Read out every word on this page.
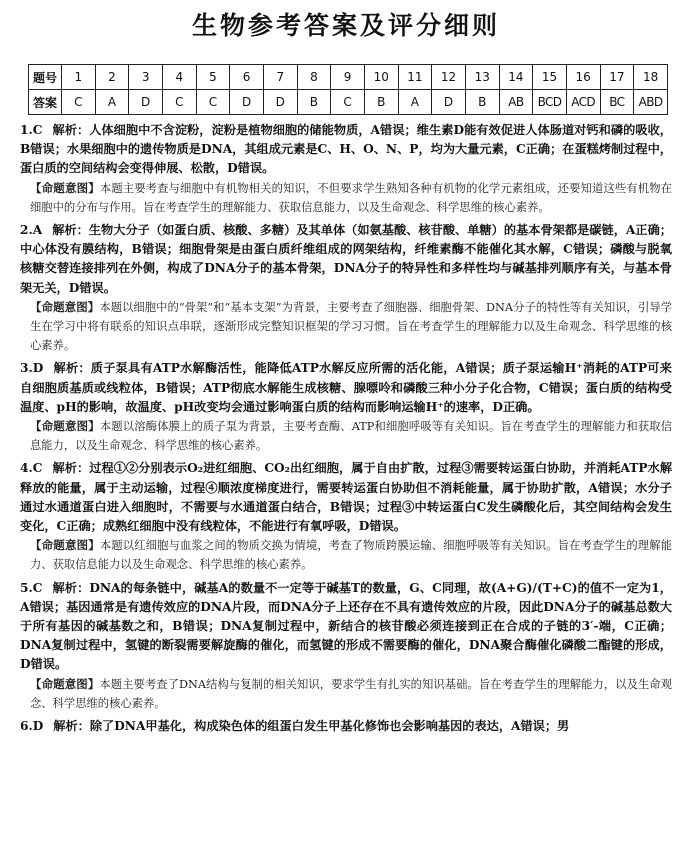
生物参考答案及评分细则
题号	1	2	3	4	5	6	7	8	9	10	11	12	13	14	15	16	17	18
答案	C	A	D	C	C	D	D	B	C	B	A	D	B	AB	BCD	ACD	BC	ABD

1.C 解析：人体细胞中不含淀粉，淀粉是植物细胞的储能物质，A错误；维生素D能有效促进人体肠道对钙和磷的吸收，B错误；水果细胞中的遗传物质是DNA，其组成元素是C、H、O、N、P，均为大量元素，C正确；在蛋糕烤制过程中，蛋白质的空间结构会变得伸展、松散，D错误。

【命题意图】本题主要考查与细胞中有机物相关的知识，不但要求学生熟知各种有机物的化学元素组成，还要知道这些有机物在细胞中的分布与作用。旨在考查学生的理解能力、获取信息能力，以及生命观念、科学思维的核心素养。

2.A 解析：生物大分子（如蛋白质、核酸、多糖）及其单体（如氨基酸、核苷酸、单糖）的基本骨架都是碳链，A正确；中心体没有膜结构，B错误；细胞骨架是由蛋白质纤维组成的网架结构，纤维素酶不能催化其水解，C错误；磷酸与脱氧核糖交替连接排列在外侧，构成了DNA分子的基本骨架，DNA分子的特异性和多样性均与碱基排列顺序有关，与基本骨架无关，D错误。

【命题意图】本题以细胞中的“骨架”和“基本支架”为背景，主要考查了细胞器、细胞骨架、DNA分子的特性等有关知识，引导学生在学习中将有联系的知识点串联，逐渐形成完整知识框架的学习习惯。旨在考查学生的理解能力以及生命观念、科学思维的核心素养。

3.D 解析：质子泵具有ATP水解酶活性，能降低ATP水解反应所需的活化能，A错误；质子泵运输H⁺消耗的ATP可来自细胞质基质或线粒体，B错误；ATP彻底水解能生成核糖、腺嘌呤和磷酸三种小分子化合物，C错误；蛋白质的结构受温度、pH的影响，故温度、pH改变均会通过影响蛋白质的结构而影响运输H⁺的速率，D正确。

【命题意图】本题以溶酶体膜上的质子泵为背景，主要考查酶、ATP和细胞呼吸等有关知识。旨在考查学生的理解能力和获取信息能力，以及生命观念、科学思维的核心素养。

4.C 解析：过程①②分别表示O₂进红细胞、CO₂出红细胞，属于自由扩散，过程③需要转运蛋白协助，并消耗ATP水解释放的能量，属于主动运输，过程④顺浓度梯度进行，需要转运蛋白协助但不消耗能量，属于协助扩散，A错误；水分子通过水通道蛋白进入细胞时，不需要与水通道蛋白结合，B错误；过程③中转运蛋白C发生磷酸化后，其空间结构会发生变化，C正确；成熟红细胞中没有线粒体，不能进行有氧呼吸，D错误。

【命题意图】本题以红细胞与血浆之间的物质交换为情境，考查了物质跨膜运输、细胞呼吸等有关知识。旨在考查学生的理解能力、获取信息能力以及生命观念、科学思维的核心素养。

5.C 解析：DNA的每条链中，碱基A的数量不一定等于碱基T的数量，G、C同理，故(A+G)/(T+C)的值不一定为1，A错误；基因通常是有遗传效应的DNA片段，而DNA分子上还存在不具有遗传效应的片段，因此DNA分子的碱基总数大于所有基因的碱基数之和，B错误；DNA复制过程中，新结合的核苷酸必须连接到正在合成的子链的3′-端，C正确；DNA复制过程中，氢键的断裂需要解旋酶的催化，而氢键的形成不需要酶的催化，DNA聚合酶催化磷酸二酯键的形成，D错误。

【命题意图】本题主要考查了DNA结构与复制的相关知识，要求学生有扎实的知识基础。旨在考查学生的理解能力，以及生命观念、科学思维的核心素养。

6.D 解析：除了DNA甲基化，构成染色体的组蛋白发生甲基化修饰也会影响基因的表达，A错误；男
